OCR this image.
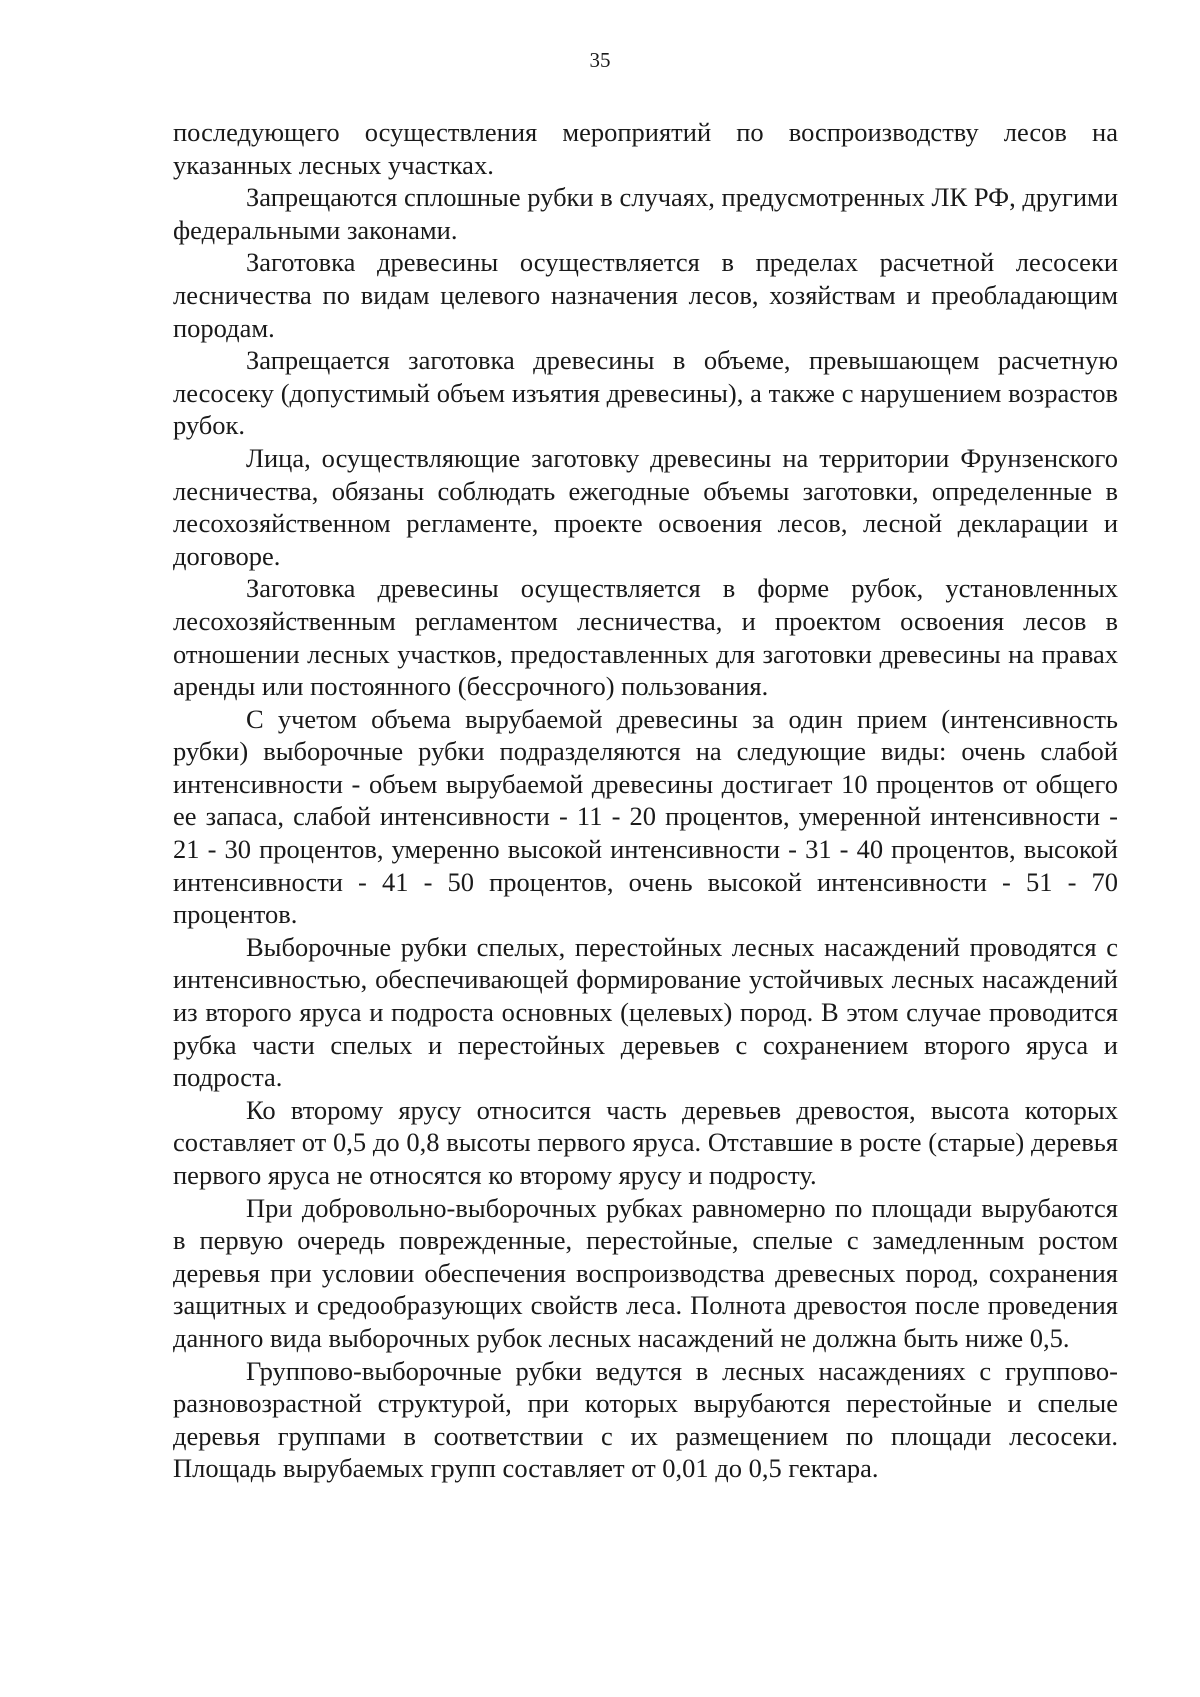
35

последующего осуществления мероприятий по воспроизводству лесов на указанных лесных участках.

Запрещаются сплошные рубки в случаях, предусмотренных ЛК РФ, другими федеральными законами.

Заготовка древесины осуществляется в пределах расчетной лесосеки лесничества по видам целевого назначения лесов, хозяйствам и преобладающим породам.

Запрещается заготовка древесины в объеме, превышающем расчетную лесосеку (допустимый объем изъятия древесины), а также с нарушением возрастов рубок.

Лица, осуществляющие заготовку древесины на территории Фрунзенского лесничества, обязаны соблюдать ежегодные объемы заготовки, определенные в лесохозяйственном регламенте, проекте освоения лесов, лесной декларации и договоре.

Заготовка древесины осуществляется в форме рубок, установленных лесохозяйственным регламентом лесничества, и проектом освоения лесов в отношении лесных участков, предоставленных для заготовки древесины на правах аренды или постоянного (бессрочного) пользования.

С учетом объема вырубаемой древесины за один прием (интенсивность рубки) выборочные рубки подразделяются на следующие виды: очень слабой интенсивности - объем вырубаемой древесины достигает 10 процентов от общего ее запаса, слабой интенсивности - 11 - 20 процентов, умеренной интенсивности - 21 - 30 процентов, умеренно высокой интенсивности - 31 - 40 процентов, высокой интенсивности - 41 - 50 процентов, очень высокой интенсивности - 51 - 70 процентов.

Выборочные рубки спелых, перестойных лесных насаждений проводятся с интенсивностью, обеспечивающей формирование устойчивых лесных насаждений из второго яруса и подроста основных (целевых) пород. В этом случае проводится рубка части спелых и перестойных деревьев с сохранением второго яруса и подроста.

Ко второму ярусу относится часть деревьев древостоя, высота которых составляет от 0,5 до 0,8 высоты первого яруса. Отставшие в росте (старые) деревья первого яруса не относятся ко второму ярусу и подросту.

При добровольно-выборочных рубках равномерно по площади вырубаются в первую очередь поврежденные, перестойные, спелые с замедленным ростом деревья при условии обеспечения воспроизводства древесных пород, сохранения защитных и средообразующих свойств леса. Полнота древостоя после проведения данного вида выборочных рубок лесных насаждений не должна быть ниже 0,5.

Группово-выборочные рубки ведутся в лесных насаждениях с группово-разновозрастной структурой, при которых вырубаются перестойные и спелые деревья группами в соответствии с их размещением по площади лесосеки. Площадь вырубаемых групп составляет от 0,01 до 0,5 гектара.
